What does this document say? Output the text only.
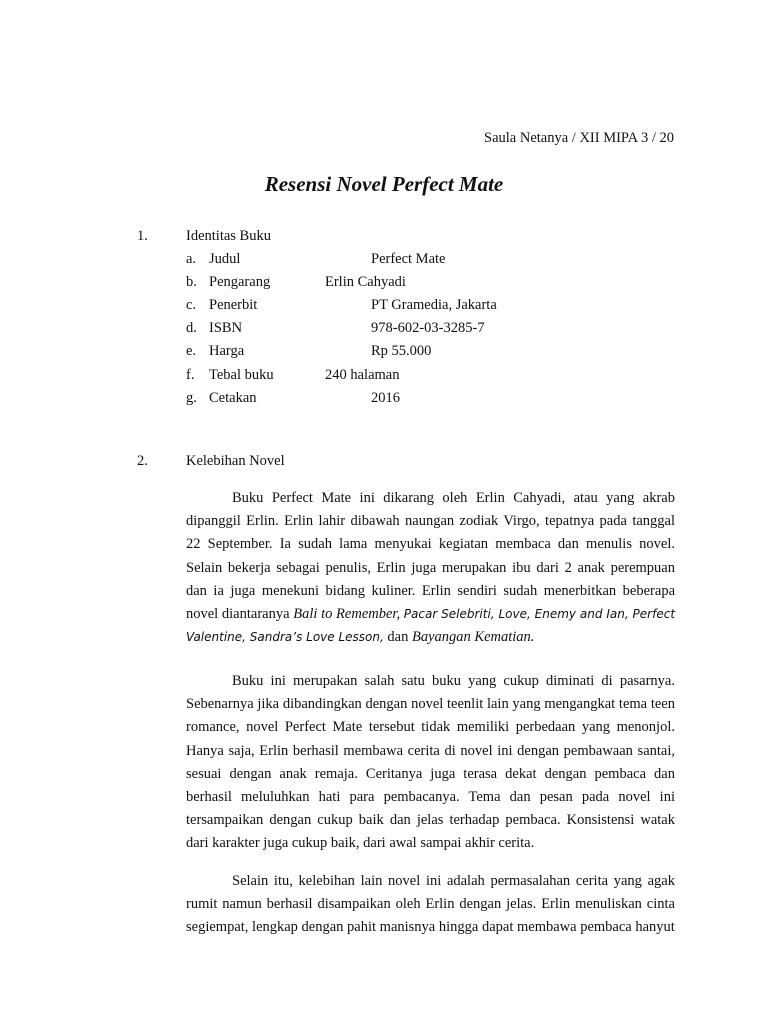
Saula Netanya / XII MIPA 3 / 20
Resensi Novel Perfect Mate
1.	Identitas Buku
a. Judul	Perfect Mate
b. Pengarang	Erlin Cahyadi
c. Penerbit	PT Gramedia, Jakarta
d. ISBN	978-602-03-3285-7
e. Harga	Rp 55.000
f. Tebal buku	240 halaman
g. Cetakan	2016
2.	Kelebihan Novel

Buku Perfect Mate ini dikarang oleh Erlin Cahyadi, atau yang akrab dipanggil Erlin. Erlin lahir dibawah naungan zodiak Virgo, tepatnya pada tanggal 22 September. Ia sudah lama menyukai kegiatan membaca dan menulis novel. Selain bekerja sebagai penulis, Erlin juga merupakan ibu dari 2 anak perempuan dan ia juga menekuni bidang kuliner. Erlin sendiri sudah menerbitkan beberapa novel diantaranya Bali to Remember, Pacar Selebriti, Love, Enemy and Ian, Perfect Valentine, Sandra’s Love Lesson, dan Bayangan Kematian.

Buku ini merupakan salah satu buku yang cukup diminati di pasarnya. Sebenarnya jika dibandingkan dengan novel teenlit lain yang mengangkat tema teen romance, novel Perfect Mate tersebut tidak memiliki perbedaan yang menonjol. Hanya saja, Erlin berhasil membawa cerita di novel ini dengan pembawaan santai, sesuai dengan anak remaja. Ceritanya juga terasa dekat dengan pembaca dan berhasil meluluhkan hati para pembacanya. Tema dan pesan pada novel ini tersampaikan dengan cukup baik dan jelas terhadap pembaca. Konsistensi watak dari karakter juga cukup baik, dari awal sampai akhir cerita.

Selain itu, kelebihan lain novel ini adalah permasalahan cerita yang agak rumit namun berhasil disampaikan oleh Erlin dengan jelas. Erlin menuliskan cinta segiempat, lengkap dengan pahit manisnya hingga dapat membawa pembaca hanyut
